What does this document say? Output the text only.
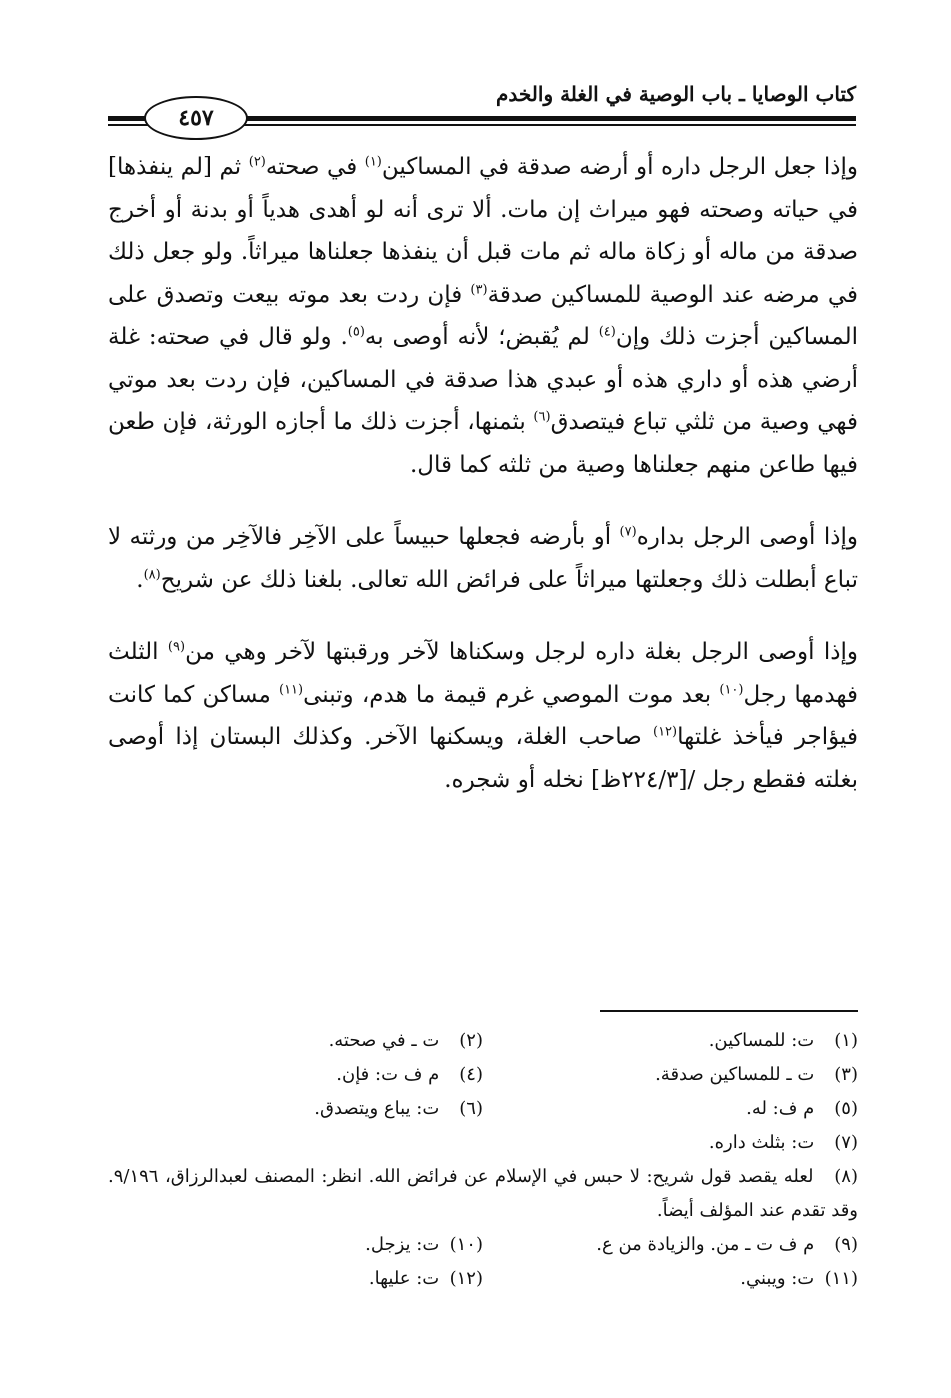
كتاب الوصايا ـ باب الوصية في الغلة والخدم
٤٥٧

وإذا جعل الرجل داره أو أرضه صدقة في المساكين$^{(١)}$ في صحته$^{(٢)}$ ثم [لم ينفذها] في حياته وصحته فهو ميراث إن مات. ألا ترى أنه لو أهدى هدياً أو بدنة أو أخرج صدقة من ماله أو زكاة ماله ثم مات قبل أن ينفذها جعلناها ميراثاً. ولو جعل ذلك في مرضه عند الوصية للمساكين صدقة$^{(٣)}$ فإن ردت بعد موته بيعت وتصدق على المساكين أجزت ذلك وإن$^{(٤)}$ لم يُقبض؛ لأنه أوصى به$^{(٥)}$. ولو قال في صحته: غلة أرضي هذه أو داري هذه أو عبدي هذا صدقة في المساكين، فإن ردت بعد موتي فهي وصية من ثلثي تباع فيتصدق$^{(٦)}$ بثمنها، أجزت ذلك ما أجازه الورثة، فإن طعن فيها طاعن منهم جعلناها وصية من ثلثه كما قال.

وإذا أوصى الرجل بداره$^{(٧)}$ أو بأرضه فجعلها حبيساً على الآخِر فالآخِر من ورثته لا تباع أبطلت ذلك وجعلتها ميراثاً على فرائض الله تعالى. بلغنا ذلك عن شريح$^{(٨)}$.

وإذا أوصى الرجل بغلة داره لرجل وسكناها لآخر ورقبتها لآخر وهي من$^{(٩)}$ الثلث فهدمها رجل$^{(١٠)}$ بعد موت الموصي غرم قيمة ما هدم، وتبنى$^{(١١)}$ مساكن كما كانت فيؤاجر فيأخذ غلتها$^{(١٢)}$ صاحب الغلة، ويسكنها الآخر. وكذلك البستان إذا أوصى بغلته فقطع رجل /[٢٢٤/٣ظ] نخله أو شجره.

(١) ت: للمساكين.
(٢) ت ـ في صحته.
(٣) ت ـ للمساكين صدقة.
(٤) م ف ت: فإن.
(٥) م ف: له.
(٦) ت: يباع ويتصدق.
(٧) ت: بثلث داره.
(٨) لعله يقصد قول شريح: لا حبس في الإسلام عن فرائض الله. انظر: المصنف لعبدالرزاق، ٩/١٩٦. وقد تقدم عند المؤلف أيضاً.
(٩) م ف ت ـ من. والزيادة من ع.
(١٠) ت: يزجل.
(١١) ت: ويبني.
(١٢) ت: عليها.
